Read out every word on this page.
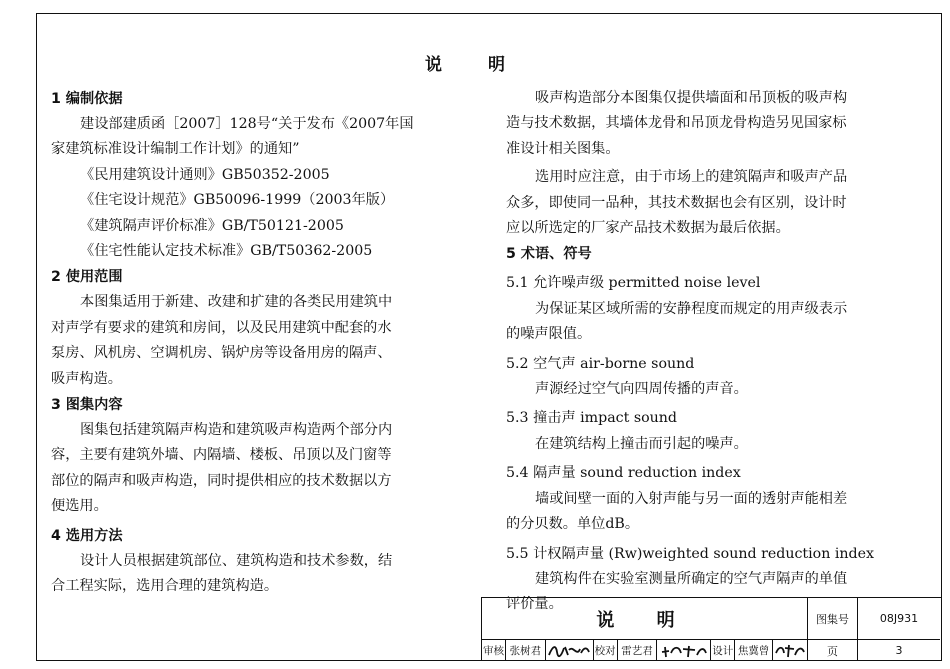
说 明
1 编制依据

建设部建质函［2007］128号“关于发布《2007年国

家建筑标准设计编制工作计划》的通知”

《民用建筑设计通则》GB50352-2005

《住宅设计规范》GB50096-1999（2003年版）

《建筑隔声评价标准》GB/T50121-2005

《住宅性能认定技术标准》GB/T50362-2005

2 使用范围

本图集适用于新建、改建和扩建的各类民用建筑中

对声学有要求的建筑和房间，以及民用建筑中配套的水

泵房、风机房、空调机房、锅炉房等设备用房的隔声、

吸声构造。

3 图集内容

图集包括建筑隔声构造和建筑吸声构造两个部分内

容，主要有建筑外墙、内隔墙、楼板、吊顶以及门窗等

部位的隔声和吸声构造，同时提供相应的技术数据以方

便选用。

4 选用方法

设计人员根据建筑部位、建筑构造和技术参数，结

合工程实际，选用合理的建筑构造。

吸声构造部分本图集仅提供墙面和吊顶板的吸声构

造与技术数据，其墙体龙骨和吊顶龙骨构造另见国家标

准设计相关图集。

选用时应注意，由于市场上的建筑隔声和吸声产品

众多，即使同一品种，其技术数据也会有区别，设计时

应以所选定的厂家产品技术数据为最后依据。

5 术语、符号

5.1 允许噪声级 permitted noise level

为保证某区域所需的安静程度而规定的用声级表示

的噪声限值。

5.2 空气声 air-borne sound

声源经过空气向四周传播的声音。

5.3 撞击声 impact sound

在建筑结构上撞击而引起的噪声。

5.4 隔声量 sound reduction index

墙或间壁一面的入射声能与另一面的透射声能相差

的分贝数。单位dB。

5.5 计权隔声量 (Rw)weighted sound reduction index

建筑构件在实验室测量所确定的空气声隔声的单值

评价量。

说 明	图集号	08J931
页	3
审核 张树君	校对 雷艺君	设计 焦冀曾
